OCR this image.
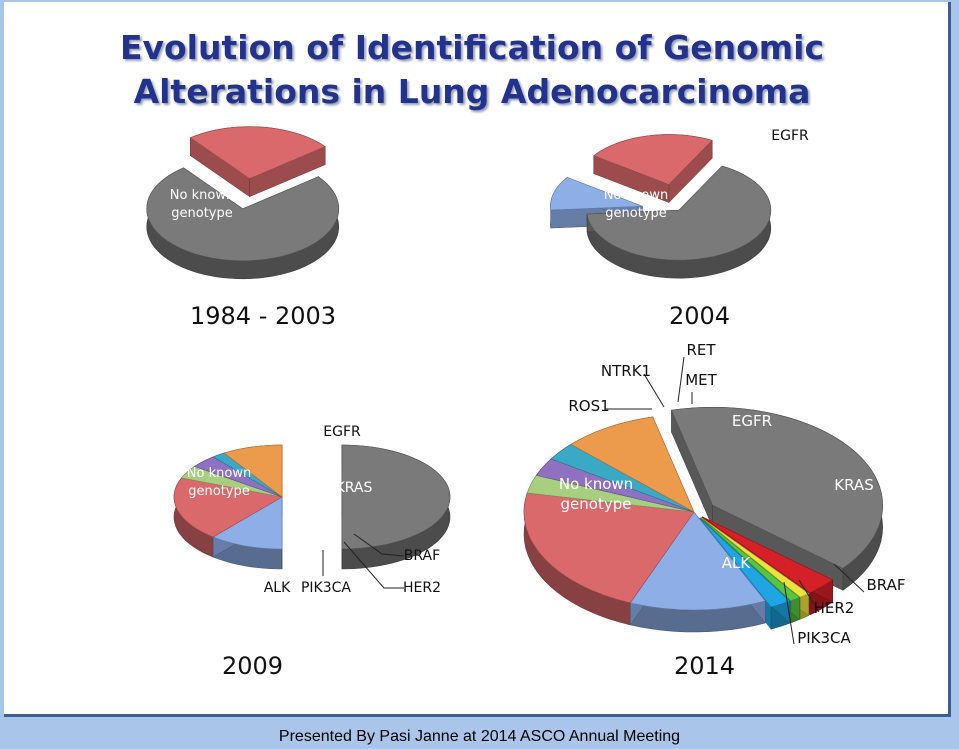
Evolution of Identification of Genomic
Alterations in Lung Adenocarcinoma
No known genotype
KRAS	No known genotype
EGFR
KRAS
No known genotype
EGFR
KRAS
BRAF
HER2
PIK3CA
ALK
No known genotype
ROS1
NTRK1
RET
MET
EGFR
KRAS
BRAF
HER2
PIK3CA
ALK
1984 - 2003	2004
2009	2014
Presented By Pasi Janne at 2014 ASCO Annual Meeting
